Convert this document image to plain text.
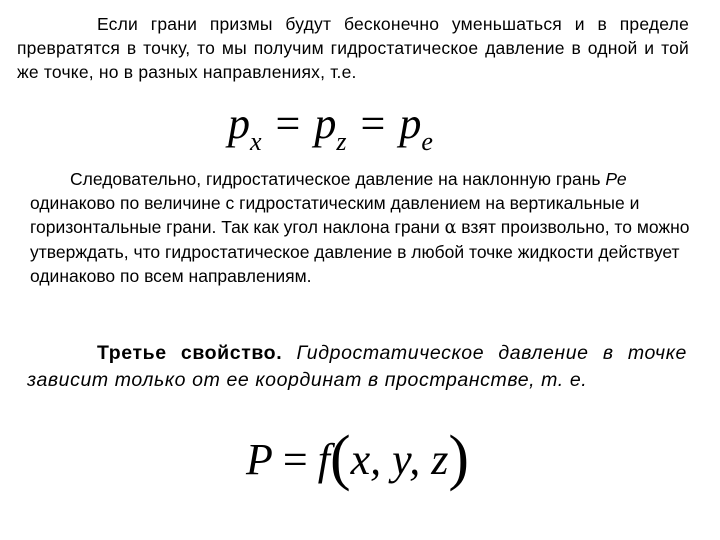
Если грани призмы будут бесконечно уменьшаться и в пределе превратятся в точку, то мы получим гидростатическое давление в одной и той же точке, но в разных направлениях, т.е.
$p_x = p_z = p_e$
Следовательно, гидростатическое давление на наклонную грань Ре одинаково по величине с гидростатическим давлением на вертикальные и горизонтальные грани. Так как угол наклона грани α взят произвольно, то можно утверждать, что гидростатическое давление в любой точке жидкости действует одинаково по всем направлениям.
Третье свойство. Гидростатическое давление в точке зависит только от ее координат в пространстве, т. е.
P = f(x, y, z)
